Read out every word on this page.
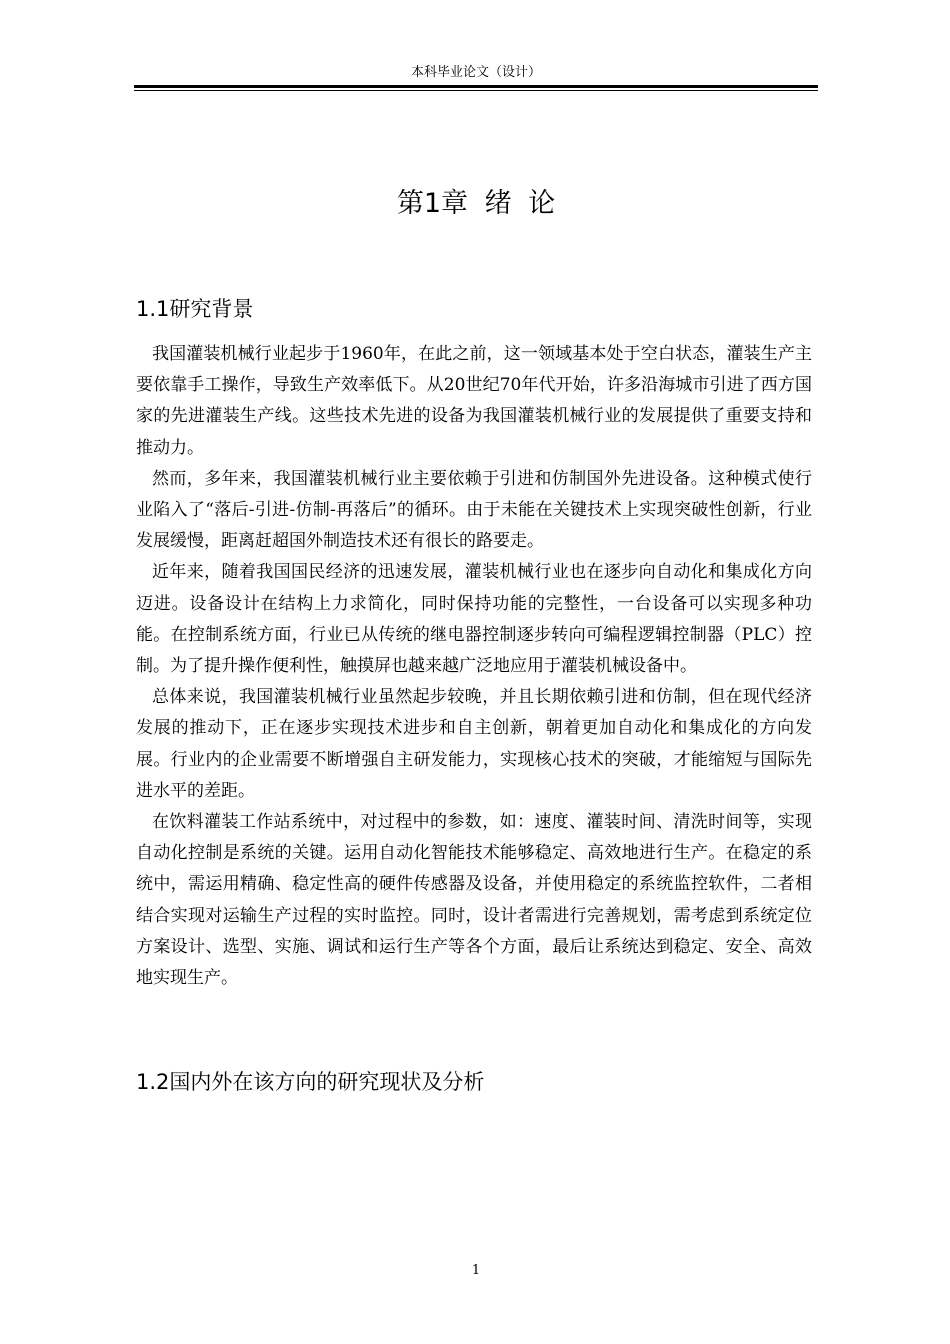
本科毕业论文（设计）
第1章 绪 论
1.1研究背景

我国灌装机械行业起步于1960年，在此之前，这一领域基本处于空白状态，灌装生产主要依靠手工操作，导致生产效率低下。从20世纪70年代开始，许多沿海城市引进了西方国家的先进灌装生产线。这些技术先进的设备为我国灌装机械行业的发展提供了重要支持和推动力。

然而，多年来，我国灌装机械行业主要依赖于引进和仿制国外先进设备。这种模式使行业陷入了“落后-引进-仿制-再落后”的循环。由于未能在关键技术上实现突破性创新，行业发展缓慢，距离赶超国外制造技术还有很长的路要走。

近年来，随着我国国民经济的迅速发展，灌装机械行业也在逐步向自动化和集成化方向迈进。设备设计在结构上力求简化，同时保持功能的完整性，一台设备可以实现多种功能。在控制系统方面，行业已从传统的继电器控制逐步转向可编程逻辑控制器（PLC）控制。为了提升操作便利性，触摸屏也越来越广泛地应用于灌装机械设备中。

总体来说，我国灌装机械行业虽然起步较晚，并且长期依赖引进和仿制，但在现代经济发展的推动下，正在逐步实现技术进步和自主创新，朝着更加自动化和集成化的方向发展。行业内的企业需要不断增强自主研发能力，实现核心技术的突破，才能缩短与国际先进水平的差距。

在饮料灌装工作站系统中，对过程中的参数，如：速度、灌装时间、清洗时间等，实现自动化控制是系统的关键。运用自动化智能技术能够稳定、高效地进行生产。在稳定的系统中，需运用精确、稳定性高的硬件传感器及设备，并使用稳定的系统监控软件，二者相结合实现对运输生产过程的实时监控。同时，设计者需进行完善规划，需考虑到系统定位方案设计、选型、实施、调试和运行生产等各个方面，最后让系统达到稳定、安全、高效地实现生产。

1.2国内外在该方向的研究现状及分析
1
